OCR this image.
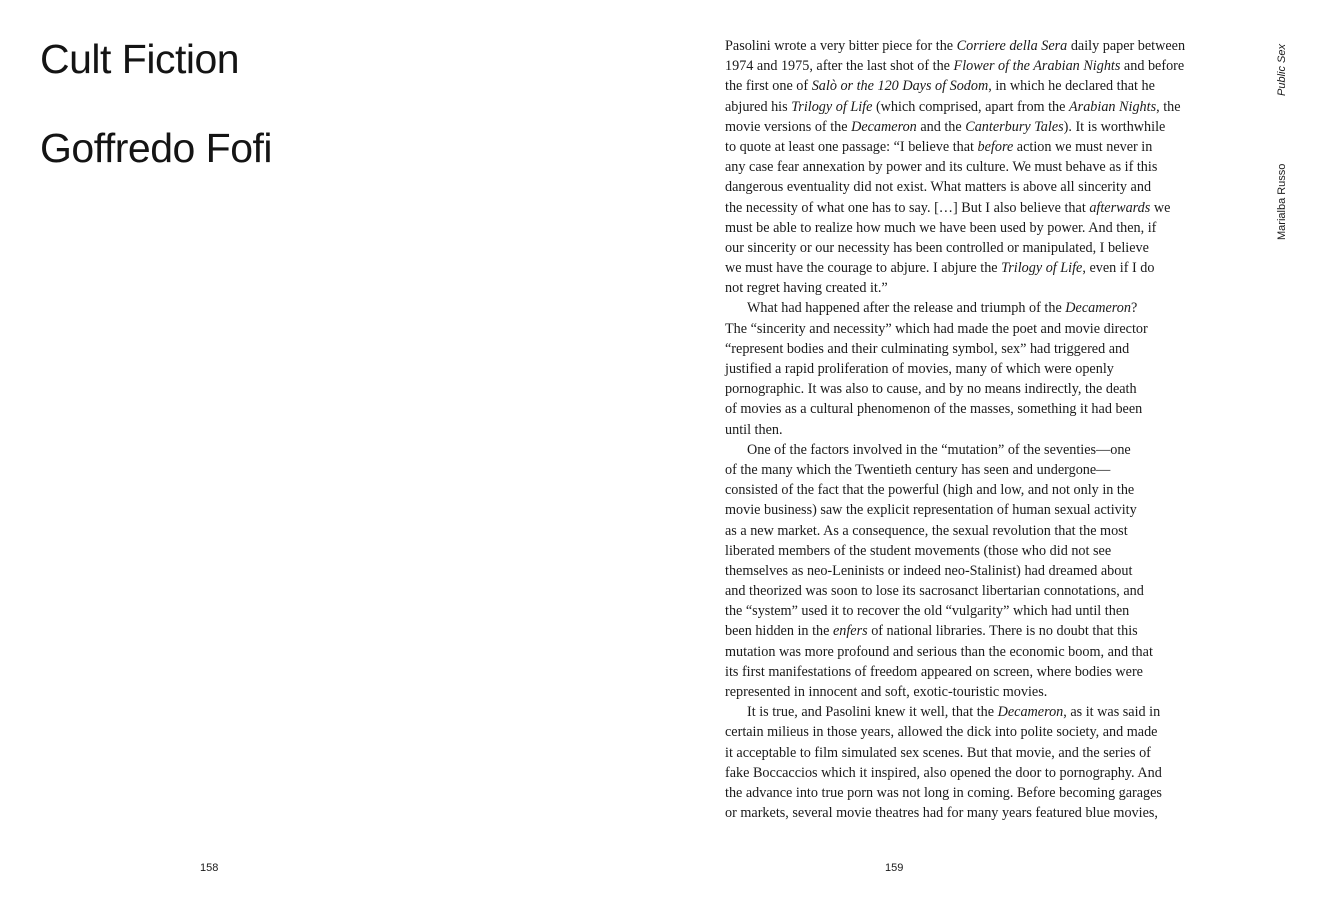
Cult Fiction
Goffredo Fofi
158
Pasolini wrote a very bitter piece for the Corriere della Sera daily paper between
1974 and 1975, after the last shot of the Flower of the Arabian Nights and before
the first one of Salò or the 120 Days of Sodom, in which he declared that he
abjured his Trilogy of Life (which comprised, apart from the Arabian Nights, the
movie versions of the Decameron and the Canterbury Tales). It is worthwhile
to quote at least one passage: “I believe that before action we must never in
any case fear annexation by power and its culture. We must behave as if this
dangerous eventuality did not exist. What matters is above all sincerity and
the necessity of what one has to say. […] But I also believe that afterwards we
must be able to realize how much we have been used by power. And then, if
our sincerity or our necessity has been controlled or manipulated, I believe
we must have the courage to abjure. I abjure the Trilogy of Life, even if I do
not regret having created it.”
What had happened after the release and triumph of the Decameron?
The “sincerity and necessity” which had made the poet and movie director
“represent bodies and their culminating symbol, sex” had triggered and
justified a rapid proliferation of movies, many of which were openly
pornographic. It was also to cause, and by no means indirectly, the death
of movies as a cultural phenomenon of the masses, something it had been
until then.
One of the factors involved in the “mutation” of the seventies—one
of the many which the Twentieth century has seen and undergone—
consisted of the fact that the powerful (high and low, and not only in the
movie business) saw the explicit representation of human sexual activity
as a new market. As a consequence, the sexual revolution that the most
liberated members of the student movements (those who did not see
themselves as neo-Leninists or indeed neo-Stalinist) had dreamed about
and theorized was soon to lose its sacrosanct libertarian connotations, and
the “system” used it to recover the old “vulgarity” which had until then
been hidden in the enfers of national libraries. There is no doubt that this
mutation was more profound and serious than the economic boom, and that
its first manifestations of freedom appeared on screen, where bodies were
represented in innocent and soft, exotic-touristic movies.
It is true, and Pasolini knew it well, that the Decameron, as it was said in
certain milieus in those years, allowed the dick into polite society, and made
it acceptable to film simulated sex scenes. But that movie, and the series of
fake Boccaccios which it inspired, also opened the door to pornography. And
the advance into true porn was not long in coming. Before becoming garages
or markets, several movie theatres had for many years featured blue movies,
Public Sex
Marialba Russo
159
